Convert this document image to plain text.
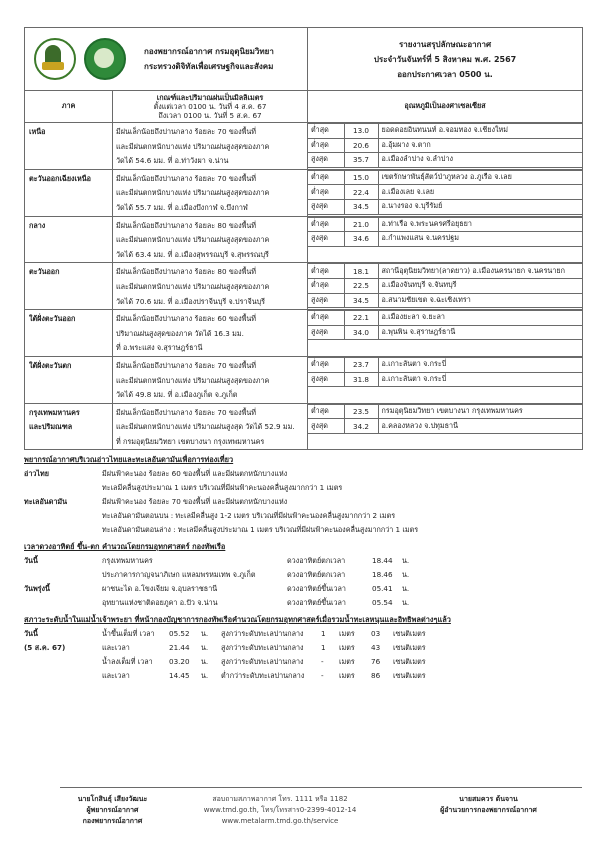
กองพยากรณ์อากาศ กรมอุตุนิยมวิทยา
กระทรวงดิจิทัลเพื่อเศรษฐกิจและสังคม

รายงานสรุปลักษณะอากาศ
ประจำวันจันทร์ที่ 5 สิงหาคม พ.ศ. 2567
ออกประกาศเวลา 0500 น.

ภาค	
เกณฑ์และปริมาณฝนเป็นมิลลิเมตร
ตั้งแต่เวลา 0100 น. วันที่ 4 ส.ค. 67
ถึงเวลา 0100 น. วันที่ 5 ส.ค. 67
	อุณหภูมิเป็นองศาเซลเซียส

เหนือ	มีฝนเล็กน้อยถึงปานกลาง ร้อยละ 70 ของพื้นที่
และมีฝนตกหนักบางแห่ง ปริมาณฝนสูงสุดของภาค
วัดได้ 54.6 มม. ที่ อ.ท่าวังผา จ.น่าน

ต่ำสุด	13.0	ยอดดอยอินทนนท์ อ.จอมทอง จ.เชียงใหม่
ต่ำสุด	20.6	อ.อุ้มผาง จ.ตาก
สูงสุด	35.7	อ.เมืองลำปาง จ.ลำปาง

ตะวันออกเฉียงเหนือ	มีฝนเล็กน้อยถึงปานกลาง ร้อยละ 70 ของพื้นที่
และมีฝนตกหนักบางแห่ง ปริมาณฝนสูงสุดของภาค
วัดได้ 55.7 มม. ที่ อ.เมืองบึงกาฬ จ.บึงกาฬ

ต่ำสุด	15.0	เขตรักษาพันธุ์สัตว์ป่าภูหลวง อ.ภูเรือ จ.เลย
ต่ำสุด	22.4	อ.เมืองเลย จ.เลย
สูงสุด	34.5	อ.นางรอง จ.บุรีรัมย์

กลาง	มีฝนเล็กน้อยถึงปานกลาง ร้อยละ 80 ของพื้นที่
และมีฝนตกหนักบางแห่ง ปริมาณฝนสูงสุดของภาค
วัดได้ 63.4 มม. ที่ อ.เมืองสุพรรณบุรี จ.สุพรรณบุรี

ต่ำสุด	21.0	อ.ท่าเรือ จ.พระนครศรีอยุธยา
สูงสุด	34.6	อ.กำแพงแสน จ.นครปฐม

ตะวันออก	มีฝนเล็กน้อยถึงปานกลาง ร้อยละ 80 ของพื้นที่
และมีฝนตกหนักบางแห่ง ปริมาณฝนสูงสุดของภาค
วัดได้ 70.6 มม. ที่ อ.เมืองปราจีนบุรี จ.ปราจีนบุรี

ต่ำสุด	18.1	สถานีอุตุนิยมวิทยา(ลาดยาว) อ.เมืองนครนายก จ.นครนายก
ต่ำสุด	22.5	อ.เมืองจันทบุรี จ.จันทบุรี
สูงสุด	34.5	อ.สนามชัยเขต จ.ฉะเชิงเทรา

ใต้ฝั่งตะวันออก	มีฝนเล็กน้อยถึงปานกลาง ร้อยละ 60 ของพื้นที่
ปริมาณฝนสูงสุดของภาค วัดได้ 16.3 มม.
ที่ อ.พระแสง จ.สุราษฎร์ธานี

ต่ำสุด	22.1	อ.เมืองยะลา จ.ยะลา
สูงสุด	34.0	อ.พุนพิน จ.สุราษฎร์ธานี

ใต้ฝั่งตะวันตก	มีฝนเล็กน้อยถึงปานกลาง ร้อยละ 70 ของพื้นที่
และมีฝนตกหนักบางแห่ง ปริมาณฝนสูงสุดของภาค
วัดได้ 49.8 มม. ที่ อ.เมืองภูเก็ต จ.ภูเก็ต

ต่ำสุด	23.7	อ.เกาะลันตา จ.กระบี่
สูงสุด	31.8	อ.เกาะลันตา จ.กระบี่

กรุงเทพมหานคร
และปริมณฑล

มีฝนเล็กน้อยถึงปานกลาง ร้อยละ 70 ของพื้นที่
และมีฝนตกหนักบางแห่ง ปริมาณฝนสูงสุด วัดได้ 52.9 มม.
ที่ กรมอุตุนิยมวิทยา เขตบางนา กรุงเทพมหานคร

ต่ำสุด	23.5	กรมอุตุนิยมวิทยา เขตบางนา กรุงเทพมหานคร
สูงสุด	34.2	อ.คลองหลวง จ.ปทุมธานี
พยากรณ์อากาศบริเวณอ่าวไทยและทะเลอันดามันเพื่อการท่องเที่ยว
อ่าวไทย	มีฝนฟ้าคะนอง ร้อยละ 60 ของพื้นที่ และมีฝนตกหนักบางแห่ง
ทะเลมีคลื่นสูงประมาณ 1 เมตร บริเวณที่มีฝนฟ้าคะนองคลื่นสูงมากกว่า 1 เมตร
ทะเลอันดามัน	มีฝนฟ้าคะนอง ร้อยละ 70 ของพื้นที่ และมีฝนตกหนักบางแห่ง
ทะเลอันดามันตอนบน : ทะเลมีคลื่นสูง 1-2 เมตร บริเวณที่มีฝนฟ้าคะนองคลื่นสูงมากกว่า 2 เมตร
ทะเลอันดามันตอนล่าง : ทะเลมีคลื่นสูงประมาณ 1 เมตร บริเวณที่มีฝนฟ้าคะนองคลื่นสูงมากกว่า 1 เมตร
เวลาดวงอาทิตย์ ขึ้น-ตก คำนวณโดยกรมอุทกศาสตร์ กองทัพเรือ
วันนี้	กรุงเทพมหานคร	ดวงอาทิตย์ตกเวลา	18.44	น.
ประภาคารกาญจนาภิเษก แหลมพรหมเทพ จ.ภูเก็ต	ดวงอาทิตย์ตกเวลา	18.46	น.
วันพรุ่งนี้	ผาชนะได อ.โขงเจียม จ.อุบลราชธานี	ดวงอาทิตย์ขึ้นเวลา	05.41	น.
อุทยานแห่งชาติดอยภูคา อ.ปัว จ.น่าน	ดวงอาทิตย์ขึ้นเวลา	05.54	น.
สภาวะระดับน้ำในแม่น้ำเจ้าพระยา ที่หน้ากองบัญชาการกองทัพเรือคำนวณโดยกรมอุทกศาสตร์เมื่อรวมน้ำทะเลหนุนและอิทธิพลต่างๆแล้ว
วันนี้	น้ำขึ้นเต็มที่ เวลา	05.52	น.	สูงกว่าระดับทะเลปานกลาง	1	เมตร	03	เซนติเมตร
(5 ส.ค. 67)	และเวลา	21.44	น.	สูงกว่าระดับทะเลปานกลาง	1	เมตร	43	เซนติเมตร
น้ำลงเต็มที่ เวลา	03.20	น.	สูงกว่าระดับทะเลปานกลาง	-	เมตร	76	เซนติเมตร
และเวลา	14.45	น.	ต่ำกว่าระดับทะเลปานกลาง	-	เมตร	86	เซนติเมตร
นายโกสินธุ์ เสียงวัฒนะ
ผู้พยากรณ์อากาศ
กองพยากรณ์อากาศ
สอบถามสภาพอากาศ โทร. 1111 หรือ 1182
www.tmd.go.th, โทร/โทรสาร0-2399-4012-14
www.metalarm.tmd.go.th/service
นายสมควร ต้นจาน
ผู้อำนวยการกองพยากรณ์อากาศ
